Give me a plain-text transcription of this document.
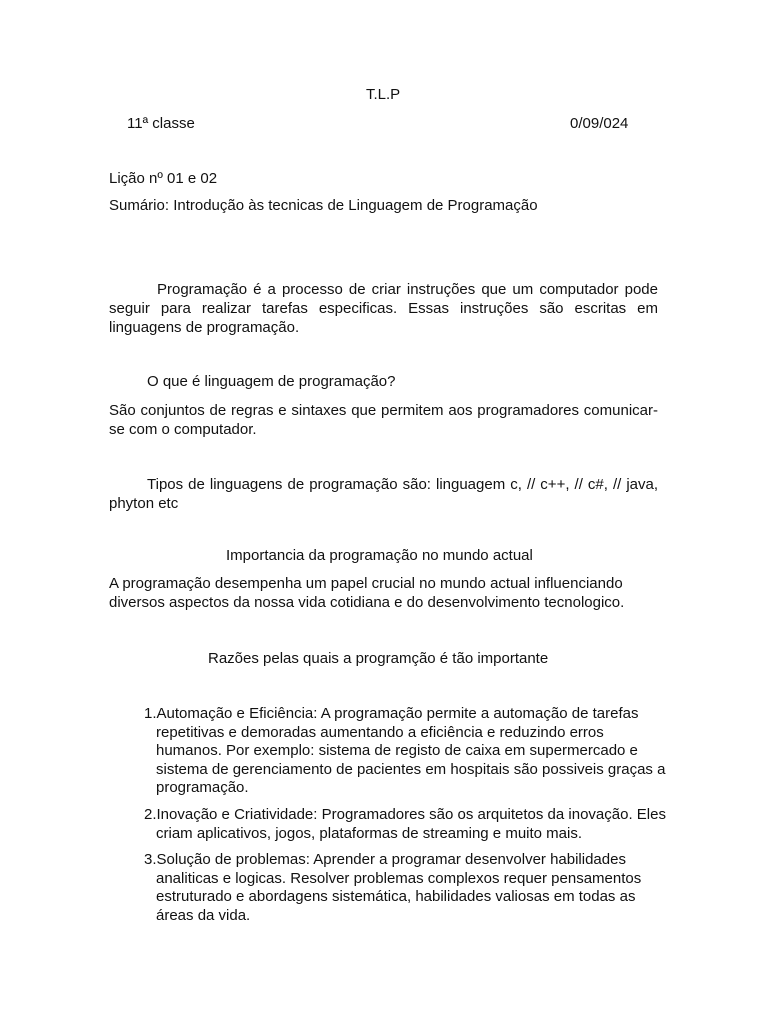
T.L.P
11ª classe	0/09/024
Lição nº 01 e 02
Sumário: Introdução às tecnicas de Linguagem de Programação
Programação é a processo de criar instruções que um computador pode seguir para realizar tarefas especificas. Essas instruções são escritas em linguagens de programação.
O que é linguagem de programação?
São conjuntos de regras e sintaxes que permitem aos programadores comunicar-se com o computador.
Tipos de linguagens de programação são: linguagem c, // c++, // c#, // java, phyton etc
Importancia da programação no mundo actual
A programação desempenha um papel crucial no mundo actual influenciando diversos aspectos da nossa vida cotidiana e do desenvolvimento tecnologico.
Razões pelas quais a programção é tão importante
1.Automação e Eficiência: A programação permite a automação de tarefas repetitivas e demoradas aumentando a eficiência e reduzindo erros humanos. Por exemplo: sistema de registo de caixa em supermercado e sistema de gerenciamento de pacientes em hospitais são possiveis graças a programação.
2.Inovação e Criatividade: Programadores são os arquitetos da inovação. Eles criam aplicativos, jogos, plataformas de streaming e muito mais.
3.Solução de problemas: Aprender a programar desenvolver habilidades analiticas e logicas. Resolver problemas complexos requer pensamentos estruturado e abordagens sistemática, habilidades valiosas em todas as áreas da vida.
